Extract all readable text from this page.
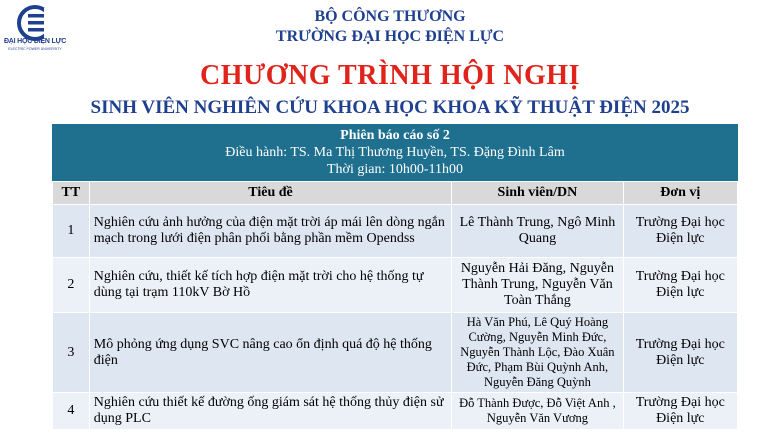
ĐẠI HỌC ĐIỆN LỰC
ELECTRIC POWER UNIVERSITY
BỘ CÔNG THƯƠNG
TRƯỜNG ĐẠI HỌC ĐIỆN LỰC
CHƯƠNG TRÌNH HỘI NGHỊ
SINH VIÊN NGHIÊN CỨU KHOA HỌC KHOA KỸ THUẬT ĐIỆN 2025
Phiên báo cáo số 2
Điều hành: TS. Ma Thị Thương Huyền, TS. Đặng Đình Lâm
Thời gian: 10h00-11h00
TT	Tiêu đề	Sinh viên/DN	Đơn vị
1	Nghiên cứu ảnh hưởng của điện mặt trời áp mái lên dòng ngắn mạch trong lưới điện phân phối bằng phần mềm Opendss	Lê Thành Trung, Ngô Minh Quang	Trường Đại học Điện lực
2	Nghiên cứu, thiết kế tích hợp điện mặt trời cho hệ thống tự dùng tại trạm 110kV Bờ Hồ	Nguyễn Hải Đăng, Nguyễn Thành Trung, Nguyễn Văn Toàn Thắng	Trường Đại học Điện lực
3	Mô phỏng ứng dụng SVC nâng cao ổn định quá độ hệ thống điện	Hà Văn Phú, Lê Quý Hoàng Cường, Nguyễn Minh Đức, Nguyễn Thành Lộc, Đào Xuân Đức, Phạm Bùi Quỳnh Anh, Nguyễn Đăng Quỳnh	Trường Đại học Điện lực
4	Nghiên cứu thiết kế đường ống giám sát hệ thống thủy điện sử dụng PLC	Đỗ Thành Được, Đỗ Việt Anh , Nguyễn Văn Vương	Trường Đại học Điện lực
